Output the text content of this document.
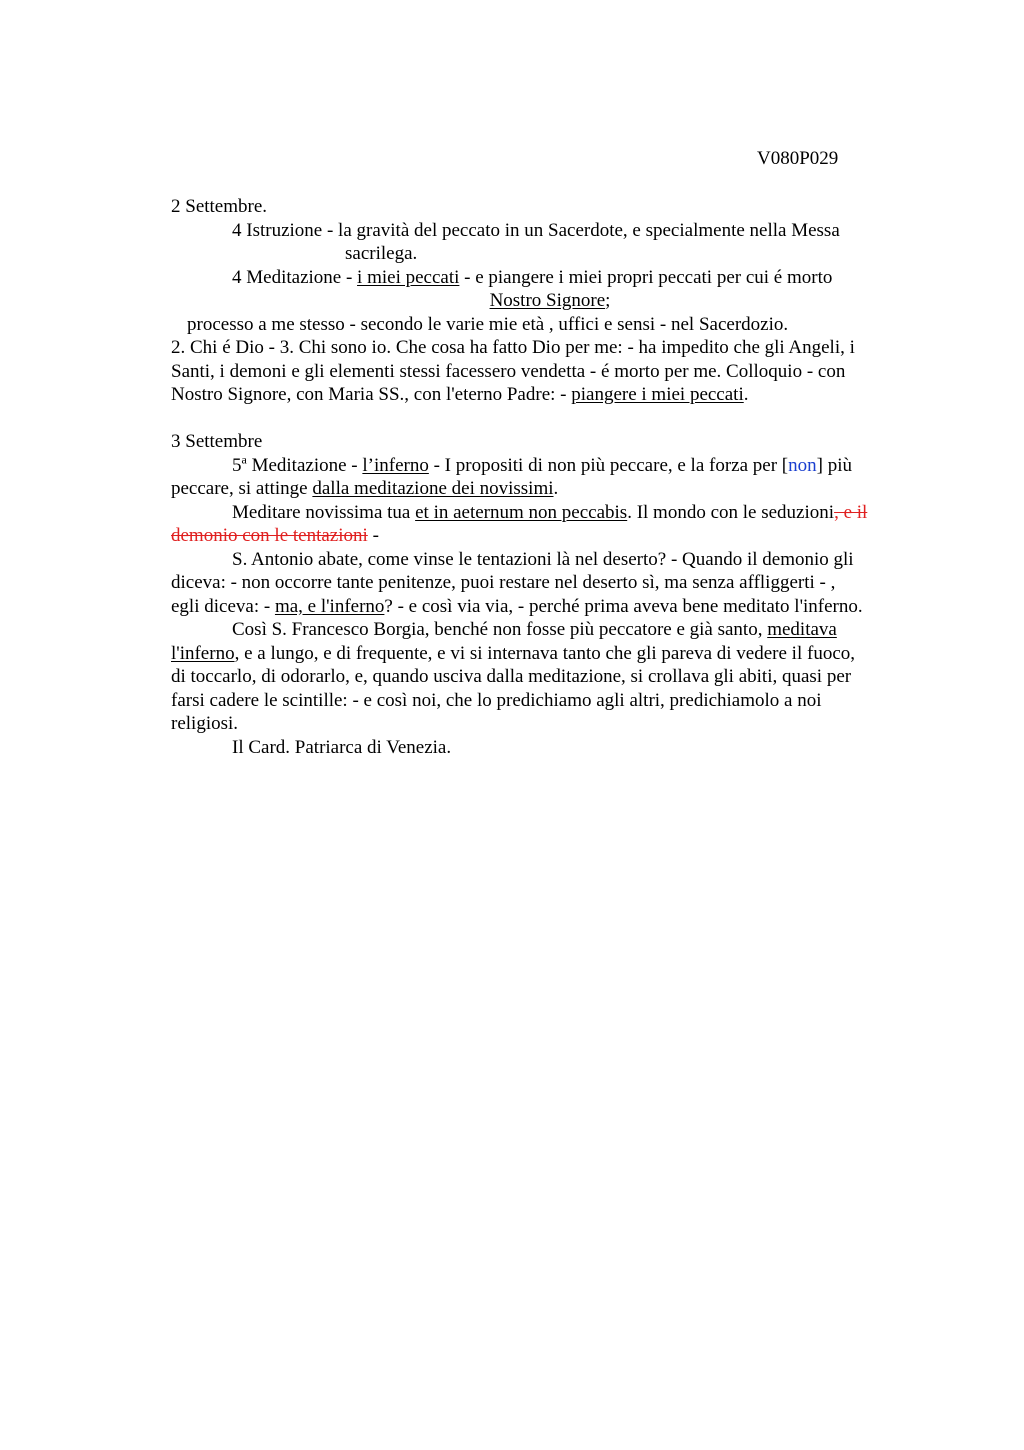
V080P029
2 Settembre.
4 Istruzione - la gravità del peccato in un Sacerdote, e specialmente nella Messa
sacrilega.
4 Meditazione - i miei peccati - e piangere i miei propri peccati per cui é morto
Nostro Signore;
processo a me stesso - secondo le varie mie età , uffici e sensi - nel Sacerdozio.
2. Chi é Dio - 3. Chi sono io. Che cosa ha fatto Dio per me: - ha impedito che gli Angeli, i
Santi, i demoni e gli elementi stessi facessero vendetta - é morto per me. Colloquio - con
Nostro Signore, con Maria SS., con l'eterno Padre: - piangere i miei peccati.
3 Settembre
5$^a$ Meditazione - l’inferno - I propositi di non più peccare, e la forza per [non] più
peccare, si attinge dalla meditazione dei novissimi.
Meditare novissima tua et in aeternum non peccabis. Il mondo con le seduzioni, e il
demonio con le tentazioni -
S. Antonio abate, come vinse le tentazioni là nel deserto? - Quando il demonio gli
diceva: - non occorre tante penitenze, puoi restare nel deserto sì, ma senza affliggerti - ,
egli diceva: - ma, e l'inferno? - e così via via, - perché prima aveva bene meditato l'inferno.
Così S. Francesco Borgia, benché non fosse più peccatore e già santo, meditava
l'inferno, e a lungo, e di frequente, e vi si internava tanto che gli pareva di vedere il fuoco,
di toccarlo, di odorarlo, e, quando usciva dalla meditazione, si crollava gli abiti, quasi per
farsi cadere le scintille: - e così noi, che lo predichiamo agli altri, predichiamolo a noi
religiosi.
Il Card. Patriarca di Venezia.
